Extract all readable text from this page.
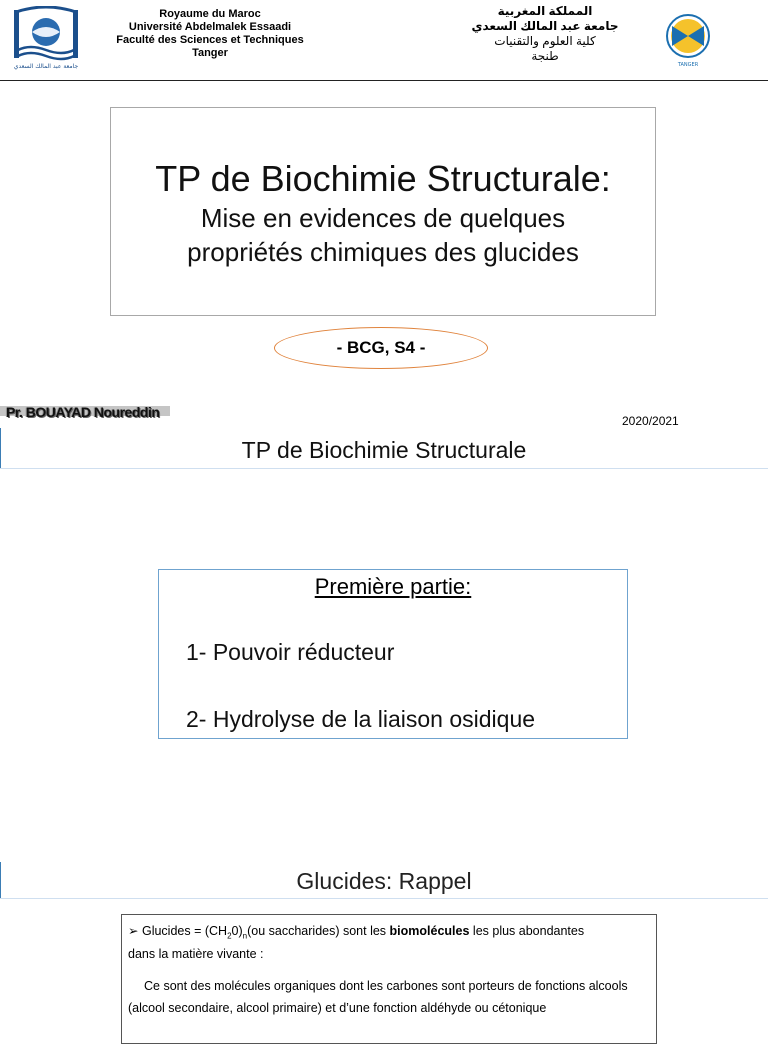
جامعة عبد المالك السعدي
Royaume du Maroc
Université Abdelmalek Essaadi
Faculté des Sciences et Techniques
Tanger
المملكة المغربية
جامعة عبد المالك السعدي
كلية العلوم والتقنيات
طنجة
TANGER
TP de Biochimie Structurale:
Mise en evidences de quelques
propriétés chimiques des glucides
- BCG, S4 -
Pr. BOUAYAD Noureddin
2020/2021
TP de Biochimie Structurale
Première partie:
1- Pouvoir réducteur
2- Hydrolyse de la liaison osidique
Glucides: Rappel
➢ Glucides = $(CH_20)_n(ou$ saccharides) sont les biomolécules les plus abondantes
dans la matière vivante :
Ce sont des molécules organiques dont les carbones sont porteurs de fonctions alcools (alcool secondaire, alcool primaire) et d’une fonction aldéhyde ou cétonique
